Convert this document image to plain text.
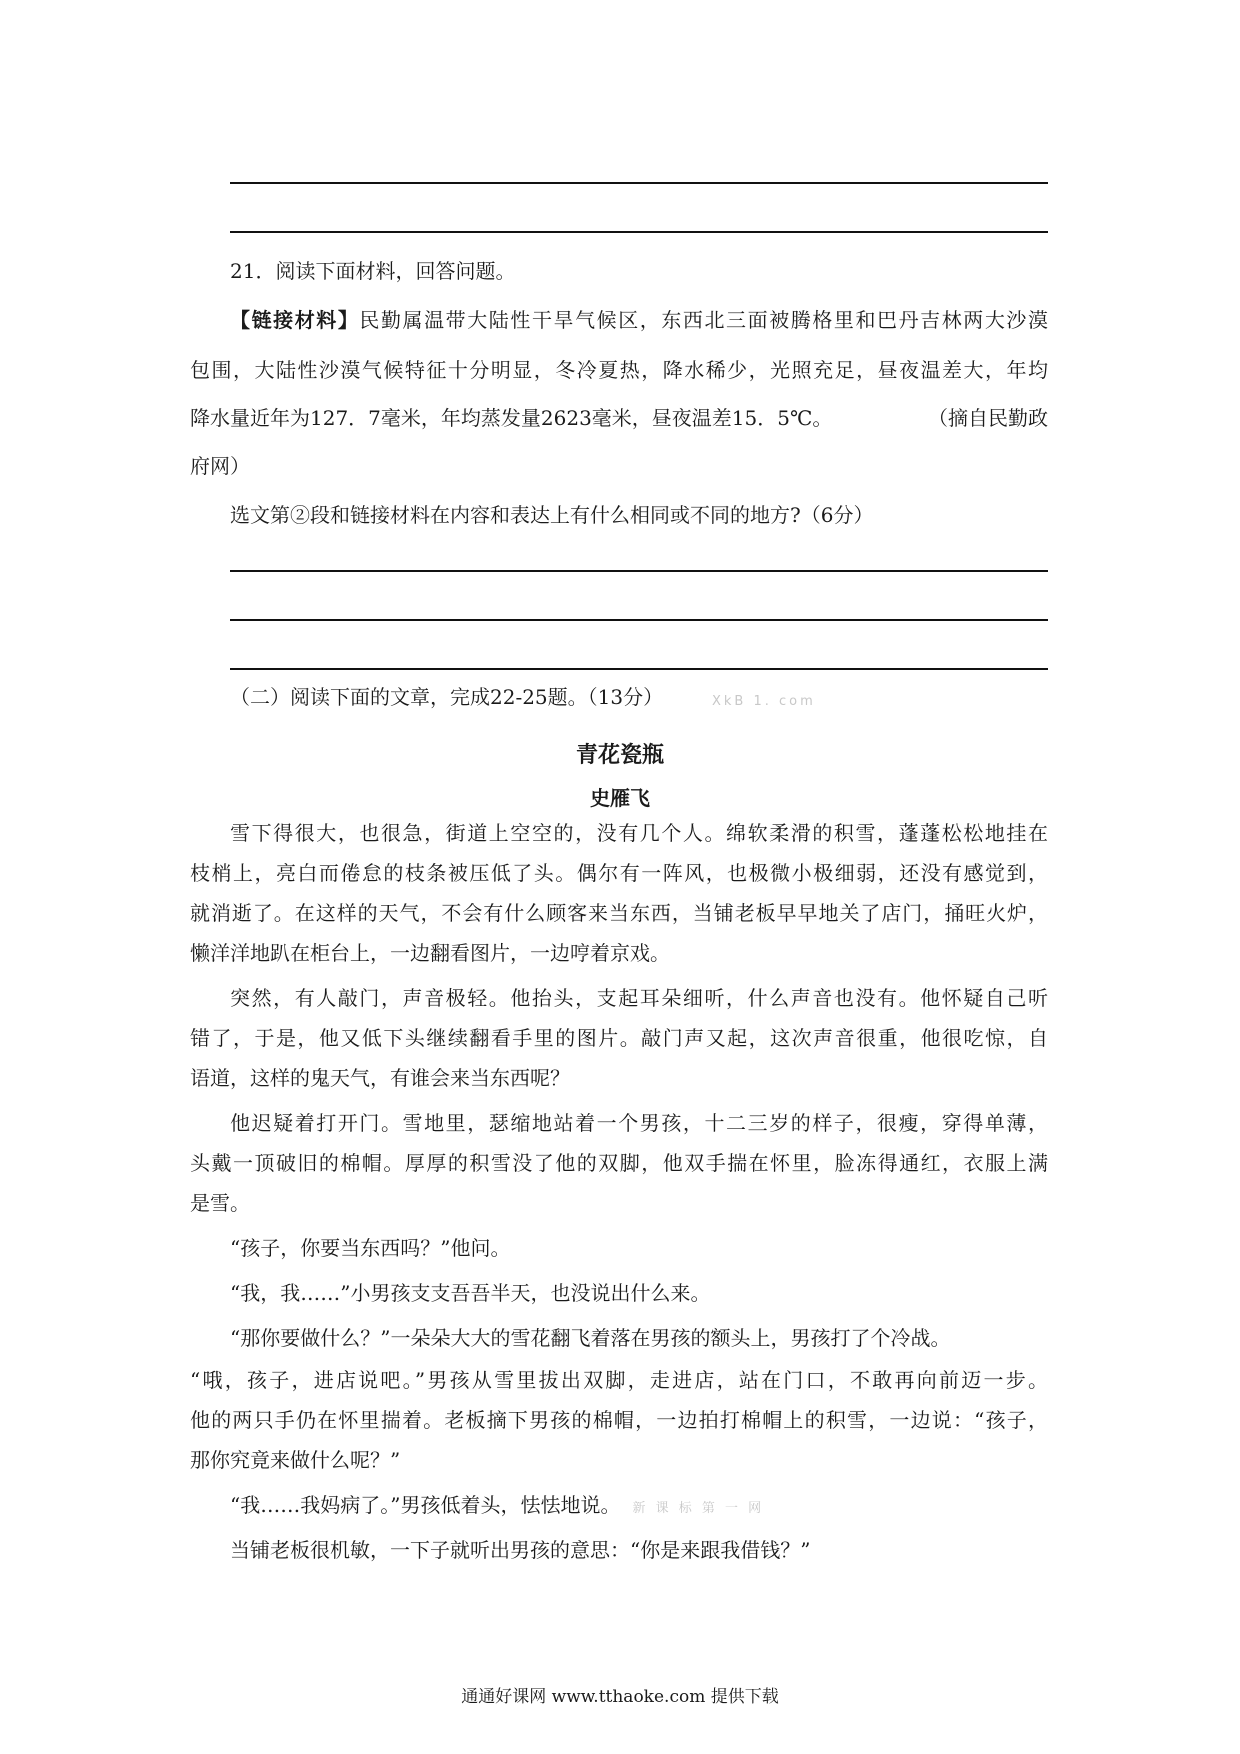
21．阅读下面材料，回答问题。
【链接材料】民勤属温带大陆性干旱气候区，东西北三面被腾格里和巴丹吉林两大沙漠
包围，大陆性沙漠气候特征十分明显，冬冷夏热，降水稀少，光照充足，昼夜温差大，年均
降水量近年为127．7毫米，年均蒸发量2623毫米，昼夜温差15．5℃。	（摘自民勤政
府网）
选文第②段和链接材料在内容和表达上有什么相同或不同的地方?（6分）
（二）阅读下面的文章，完成22-25题。（13分）	XkB 1. com
青花瓷瓶
史雁飞
雪下得很大，也很急，街道上空空的，没有几个人。绵软柔滑的积雪，蓬蓬松松地挂在
枝梢上，亮白而倦怠的枝条被压低了头。偶尔有一阵风，也极微小极细弱，还没有感觉到，
就消逝了。在这样的天气，不会有什么顾客来当东西，当铺老板早早地关了店门，捅旺火炉，
懒洋洋地趴在柜台上，一边翻看图片，一边哼着京戏。
突然，有人敲门，声音极轻。他抬头，支起耳朵细听，什么声音也没有。他怀疑自己听
错了，于是，他又低下头继续翻看手里的图片。敲门声又起，这次声音很重，他很吃惊，自
语道，这样的鬼天气，有谁会来当东西呢？
他迟疑着打开门。雪地里，瑟缩地站着一个男孩，十二三岁的样子，很瘦，穿得单薄，
头戴一顶破旧的棉帽。厚厚的积雪没了他的双脚，他双手揣在怀里，脸冻得通红，衣服上满
是雪。
“孩子，你要当东西吗？”他问。
“我，我……”小男孩支支吾吾半天，也没说出什么来。
“那你要做什么？”一朵朵大大的雪花翻飞着落在男孩的额头上，男孩打了个冷战。
“哦，孩子，进店说吧。”男孩从雪里拔出双脚，走进店，站在门口，不敢再向前迈一步。
他的两只手仍在怀里揣着。老板摘下男孩的棉帽，一边拍打棉帽上的积雪，一边说：“孩子，
那你究竟来做什么呢？”
“我……我妈病了。”男孩低着头，怯怯地说。 新 课 标 第 一 网
当铺老板很机敏，一下子就听出男孩的意思：“你是来跟我借钱？”
通通好课网 www.tthaoke.com 提供下载
